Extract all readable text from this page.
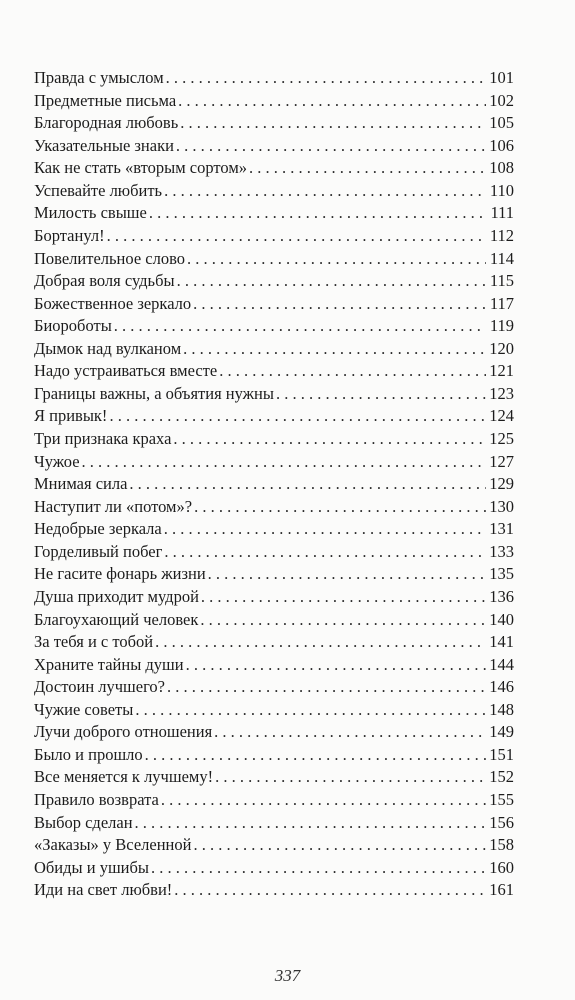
Правда с умыслом . . .	101
Предметные письма . . .	102
Благородная любовь . . .	105
Указательные знаки . . .	106
Как не стать «вторым сортом» . . .	108
Успевайте любить . . .	110
Милость свыше . . .	111
Бортанул! . . .	112
Повелительное слово . . .	114
Добрая воля судьбы . . .	115
Божественное зеркало . . .	117
Биороботы . . .	119
Дымок над вулканом . . .	120
Надо устраиваться вместе . . .	121
Границы важны, а объятия нужны . . .	123
Я привык! . . .	124
Три признака краха . . .	125
Чужое . . .	127
Мнимая сила . . .	129
Наступит ли «потом»? . . .	130
Недобрые зеркала . . .	131
Горделивый побег . . .	133
Не гасите фонарь жизни . . .	135
Душа приходит мудрой . . .	136
Благоухающий человек . . .	140
За тебя и с тобой . . .	141
Храните тайны души . . .	144
Достоин лучшего? . . .	146
Чужие советы . . .	148
Лучи доброго отношения . . .	149
Было и прошло . . .	151
Все меняется к лучшему! . . .	152
Правило возврата . . .	155
Выбор сделан . . .	156
«Заказы» у Вселенной . . .	158
Обиды и ушибы . . .	160
Иди на свет любви! . . .	161
337
